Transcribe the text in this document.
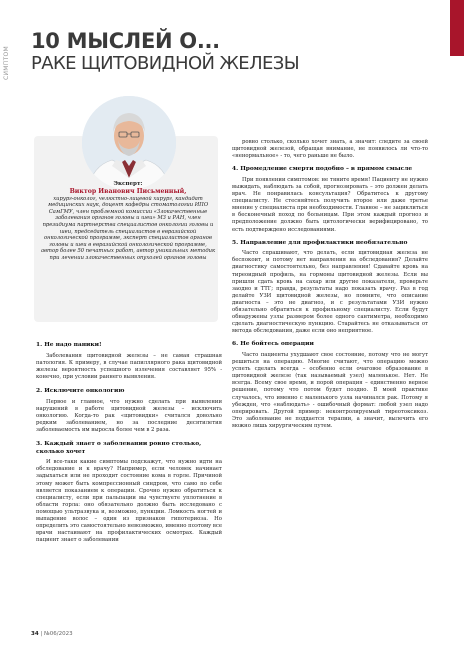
СИМПТОМ
10 МЫСЛЕЙ О...
РАКЕ ЩИТОВИДНОЙ ЖЕЛЕЗЫ
Эксперт:
Виктор Иванович Письменный,
хирург-онколог, челюстно-лицевой хирург, кандидат медицинских наук, доцент кафедры стоматологии ИПО СамГМУ, член проблемной комиссии «Злокачественные заболевания органов головы и шеи» МЗ и РАН, член президиума партнерства специалистов онкологии головы и шеи, председатель специалистов в евразийской онкологической программе, эксперт специалистов органов головы и шеи в евразийской онкологической программе, автор более 50 печатных работ, автор уникальных методик при лечении злокачественных опухолей органов головы
1. Не надо паники!

Заболевания щитовидной железы – не самая страшная патология. К примеру, в случае папиллярного рака щитовидной железы вероятность успешного излечения составляет 95% - конечно, при условии раннего выявления.

2. Исключите онкологию

Первое и главное, что нужно сделать при выявлении нарушений в работе щитовидной железы – исключить онкологию. Когда-то рак «щитовидки» считался довольно редким заболеванием, но за последние десятилетия заболеваемость им выросла более чем в 2 раза.

3. Каждый знает о заболевании ровно столько, сколько хочет

И все-таки какие симптомы подскажут, что нужно идти на обследование и к врачу? Например, если человек начинает задыхаться или не проходит состояние кома в горле. Причиной этому может быть компрессионный синдром, что само по себе является показанием к операции. Срочно нужно обратиться к специалисту, если при пальпации вы чувствуете уплотнение в области горла: оно обязательно должно быть исследовано с помощью ультразвука и, возможно, пункции. Ломкость ногтей и выпадение волос – один из признаков гипотериоза. Но определить это самостоятельно невозможно, именно поэтому все врачи настаивают на профилактических осмотрах. Каждый пациент знает о заболевании

ровно столько, сколько хочет знать, а значит: следите за своей щитовидной железой, обращая внимание, не появилось ли что-то «ненормальное» - то, чего раньше не было.

4. Промедление смерти подобно – в прямом смысле

При появлении симптомов: не тяните время! Пациенту не нужно выжидать, наблюдать за собой, прогнозировать – это должен делать врач. Не понравилась консультация? Обратитесь к другому специалисту. Не стесняйтесь получить второе или даже третье мнение у специалиста при необходимости. Главное – не зациклиться в бесконечный поход по больницам. При этом каждый прогноз и предположение должно быть цитологически верифицировано, то есть подтверждено исследованиями.

5. Направление для профилактики необязательно

Часто спрашивают, что делать, если щитовидная железа не беспокоит, и потому нет направления на обследования? Делайте диагностику самостоятельно, без направления! Сдавайте кровь на тиреоидный профиль, на гормоны щитовидной железы. Если вы пришли сдать кровь на сахар или другие показатели, проверьте заодно и ТТГ; правда, результаты надо показать врачу. Раз в год делайте УЗИ щитовидной железы, но помните, что описание диагноста – это не диагноз, и с результатами УЗИ нужно обязательно обратиться к профильному специалисту. Если будут обнаружены узлы размером более одного сантиметра, необходимо сделать диагностическую пункцию. Старайтесь не отказываться от метода обследования, даже если оно неприятное.

6. Не бойтесь операции

Часто пациенты ухудшают свое состояние, потому что не могут решиться на операцию. Многие считают, что операцию можно успеть сделать всегда – особенно если очаговое образование в щитовидной железе (так называемый узел) маленькое. Нет. Не всегда. Всему свое время, и порой операция – единственно верное решение, потому что потом будет поздно. В моей практике случалось, что именно с маленького узла начинался рак. Потому я убежден, что «наблюдать» - ошибочный формат: любой узел надо оперировать. Другой пример: неконтролируемый тиреотоксикоз. Это заболевание не поддается терапии, а значит, вылечить его можно лишь хирургическим путем.

34 | №06/2023
